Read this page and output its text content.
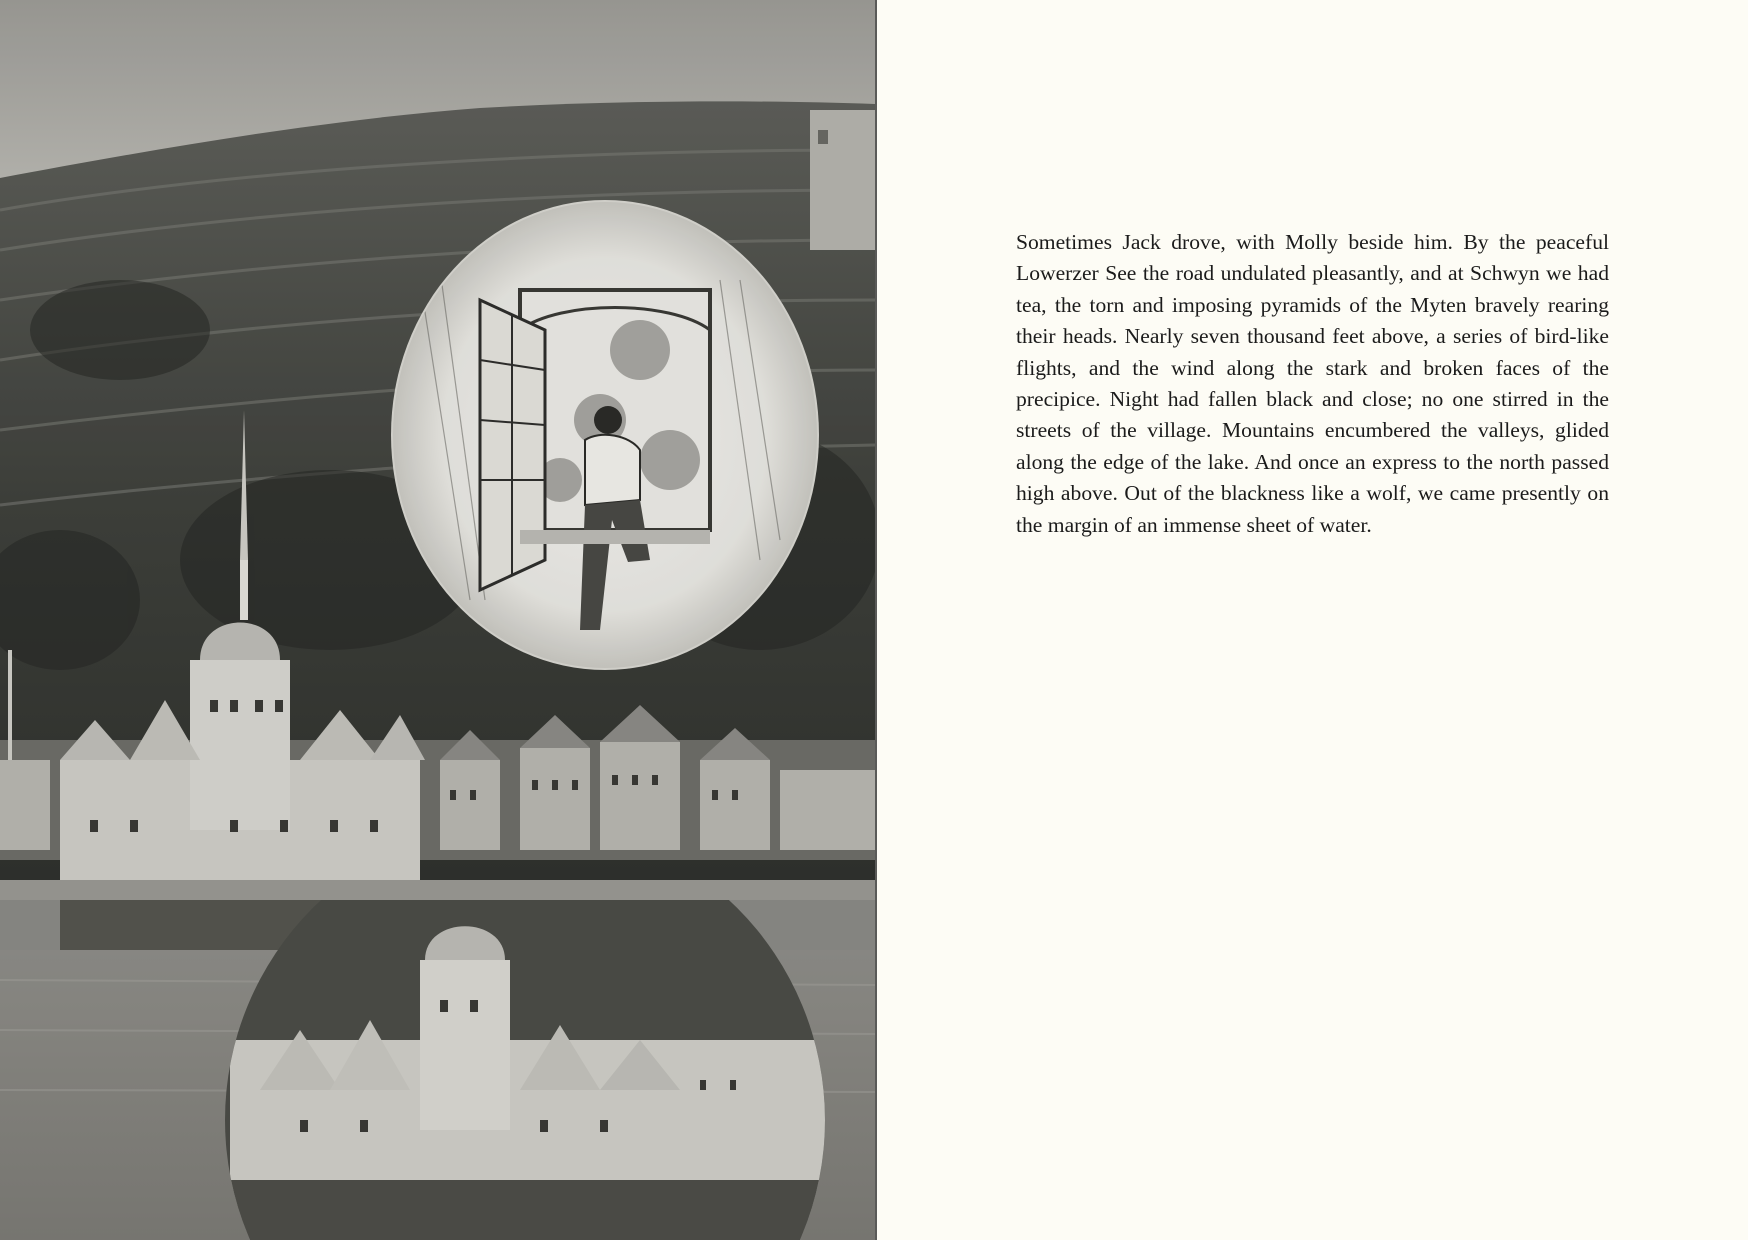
Sometimes Jack drove, with Molly beside him. By the peaceful Lowerzer See the road undulated pleasantly, and at Schwyn we had tea, the torn and imposing pyramids of the Myten bravely rearing their heads. Nearly seven thousand feet above, a series of bird-like flights, and the wind along the stark and broken faces of the precipice. Night had fallen black and close; no one stirred in the streets of the village. Mountains encumbered the valleys, glided along the edge of the lake. And once an express to the north passed high above. Out of the blackness like a wolf, we came presently on the margin of an immense sheet of water.
